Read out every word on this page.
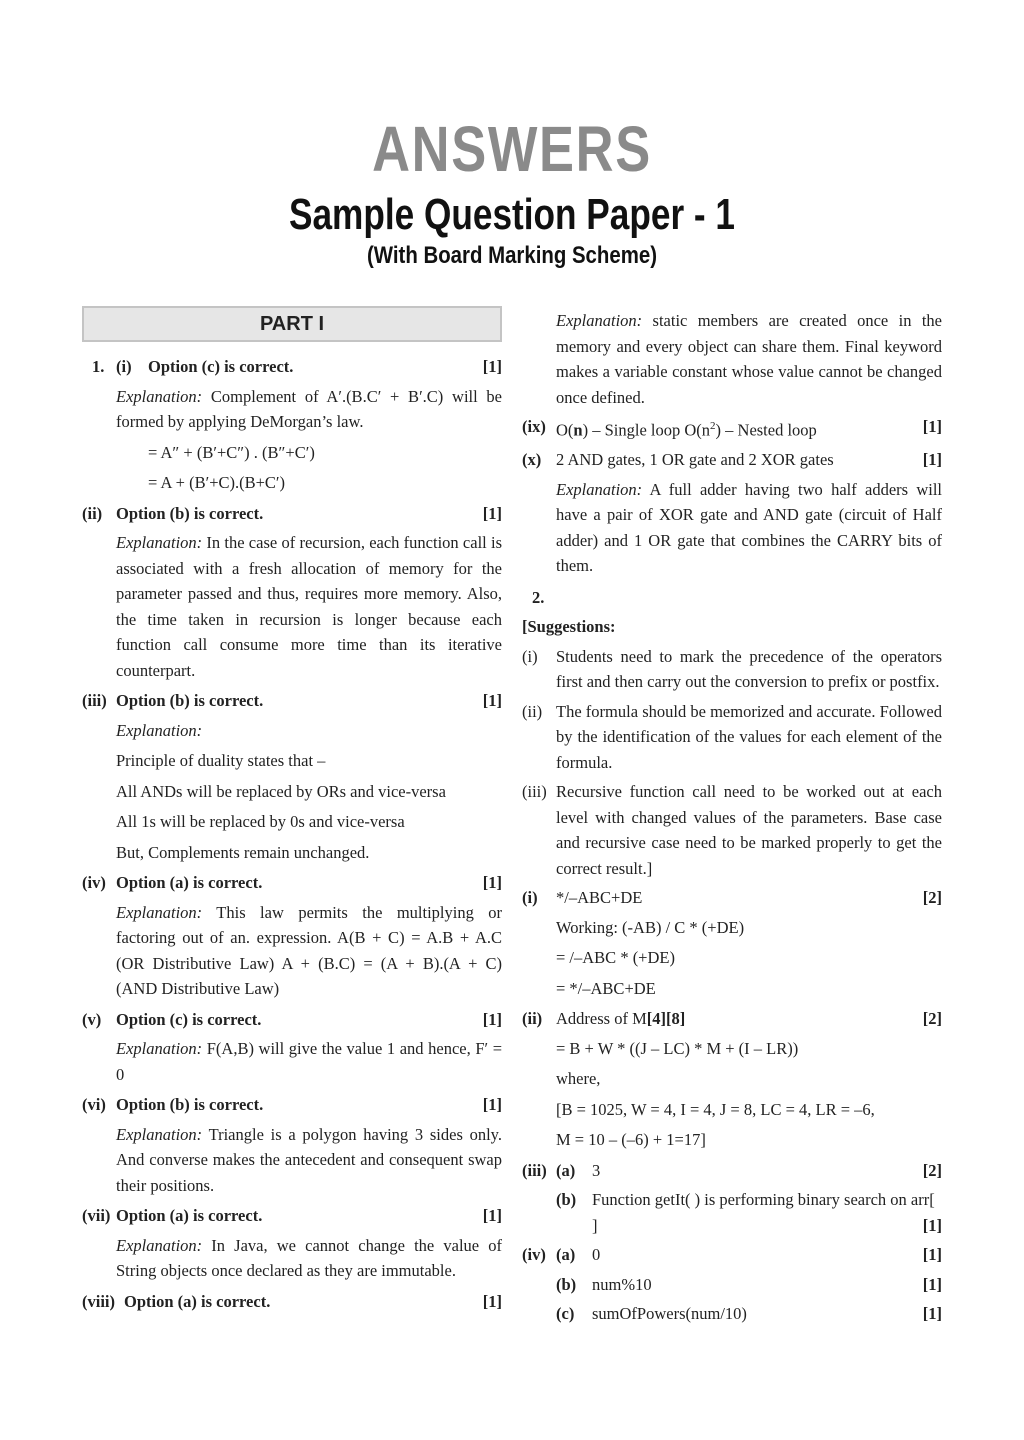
ANSWERS
Sample Question Paper - 1
(With Board Marking Scheme)
PART I
1. (i) Option (c) is correct.	[1]
Explanation: Complement of A′.(B.C′ + B′.C) will be formed by applying DeMorgan’s law.
= A″ + (B′+C″) . (B″+C′)
= A + (B′+C).(B+C′)
(ii) Option (b) is correct.	[1]
Explanation: In the case of recursion, each function call is associated with a fresh allocation of memory for the parameter passed and thus, requires more memory. Also, the time taken in recursion is longer because each function call consume more time than its iterative counterpart.
(iii) Option (b) is correct.	[1]
Explanation:
Principle of duality states that –
All ANDs will be replaced by ORs and vice-versa
All 1s will be replaced by 0s and vice-versa
But, Complements remain unchanged.
(iv) Option (a) is correct.	[1]
Explanation: This law permits the multiplying or factoring out of an. expression. A(B + C) = A.B + A.C (OR Distributive Law) A + (B.C) = (A + B).(A + C) (AND Distributive Law)
(v) Option (c) is correct.	[1]
Explanation: F(A,B) will give the value 1 and hence, F′ = 0
(vi) Option (b) is correct.	[1]
Explanation: Triangle is a polygon having 3 sides only. And converse makes the antecedent and consequent swap their positions.
(vii) Option (a) is correct.	[1]
Explanation: In Java, we cannot change the value of String objects once declared as they are immutable.
(viii) Option (a) is correct.	[1]
Explanation: static members are created once in the memory and every object can share them. Final keyword makes a variable constant whose value cannot be changed once defined.
(ix) O(n) – Single loop $O(n^2)$ – Nested loop	[1]
(x) 2 AND gates, 1 OR gate and 2 XOR gates	[1]
Explanation: A full adder having two half adders will have a pair of XOR gate and AND gate (circuit of Half adder) and 1 OR gate that combines the CARRY bits of them.
2.
[Suggestions:
(i)	Students need to mark the precedence of the operators first and then carry out the conversion to prefix or postfix.
(ii) The formula should be memorized and accurate. Followed by the identification of the values for each element of the formula.
(iii) Recursive function call need to be worked out at each level with changed values of the parameters. Base case and recursive case need to be marked properly to get the correct result.]
(i)	*/–ABC+DE	[2]
Working: (-AB) / C * (+DE)
= /–ABC * (+DE)
= */–ABC+DE
(ii) Address of M[4][8]	[2]
= B + W * ((J – LC) * M + (I – LR))
where,
[B = 1025, W = 4, I = 4, J = 8, LC = 4, LR = –6,
M = 10 – (–6) + 1=17]
(iii) (a)	3	[2]
(b) Function getIt( ) is performing binary search on arr[ ]	[1]
(iv) (a)	0	[1]
(b) num%10	[1]
(c)	sumOfPowers(num/10)	[1]
